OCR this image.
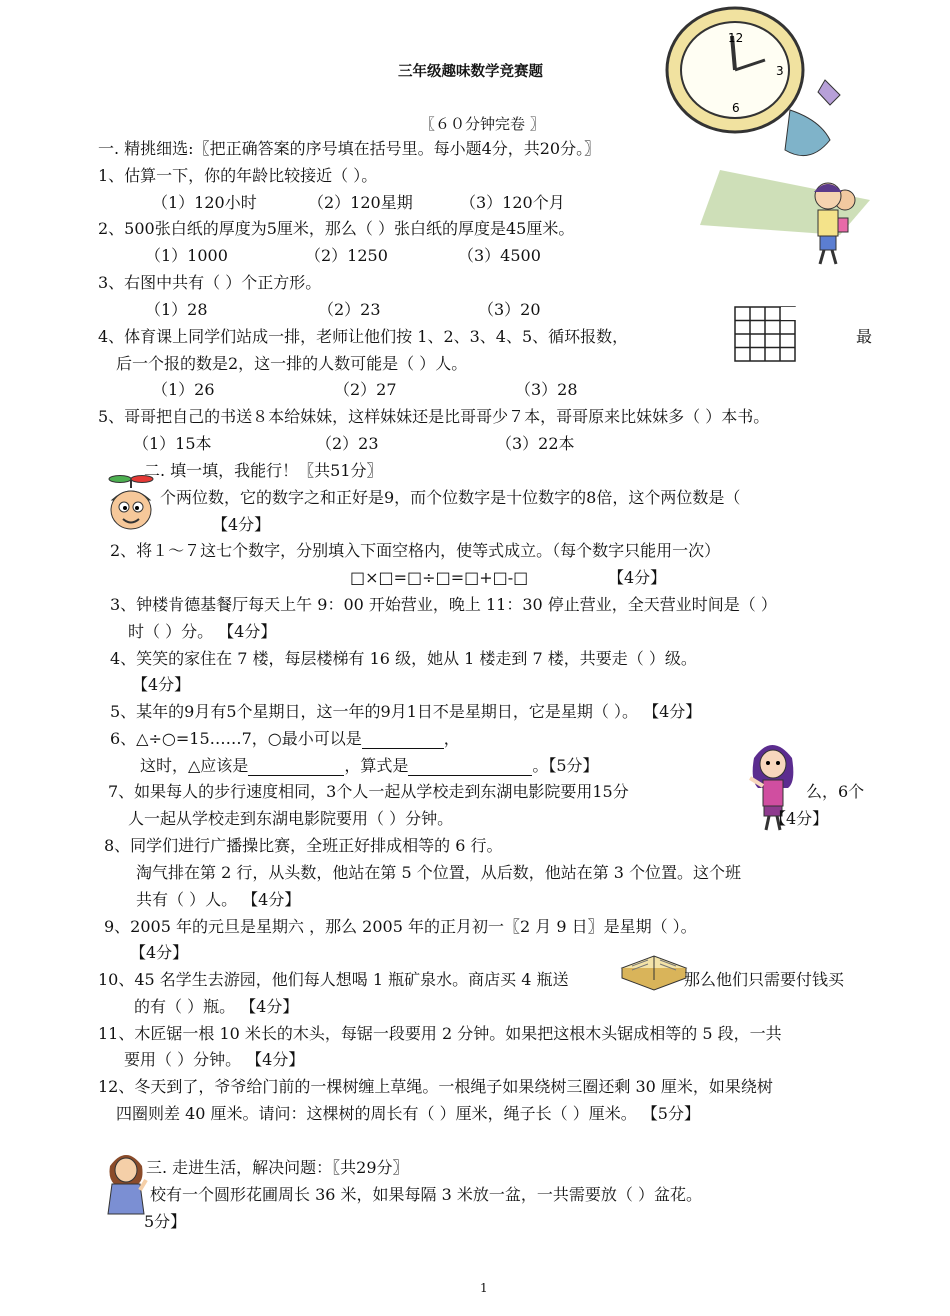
12
3
6
三年级趣味数学竞赛题
〖６０分钟完卷 〗
一. 精挑细选:〖把正确答案的序号填在括号里。每小题4分，共20分。〗
1、估算一下，你的年龄比较接近（ ）。
（1）120小时	（2）120星期	（3）120个月
2、500张白纸的厚度为5厘米，那么（ ）张白纸的厚度是45厘米。
（1）1000	（2）1250	（3）4500
3、右图中共有（ ）个正方形。
（1）28	（2）23	（3）20
4、体育课上同学们站成一排，老师让他们按 1、2、3、4、5、循环报数，	最
后一个报的数是2，这一排的人数可能是（ ）人。
（1）26	（2）27	（3）28
5、哥哥把自己的书送８本给妹妹，这样妹妹还是比哥哥少７本，哥哥原来比妹妹多（ ）本书。
（1）15本	（2）23	（3）22本
二. 填一填，我能行！〖共51分〗
个两位数，它的数字之和正好是9，而个位数字是十位数字的8倍，这个两位数是（
【4分】
2、将１～７这七个数字，分别填入下面空格内，使等式成立。（每个数字只能用一次）
□×□=□÷□=□+□-□	【4分】
3、钟楼肯德基餐厅每天上午 9：00 开始营业，晚上 11：30 停止营业，全天营业时间是（ ）
时（ ）分。 【4分】
4、笑笑的家住在 7 楼，每层楼梯有 16 级，她从 1 楼走到 7 楼，共要走（ ）级。
【4分】
5、某年的9月有5个星期日，这一年的9月1日不是星期日，它是星期（ ）。 【4分】
6、△÷○=15……7，○最小可以是	，
这时，△应该是	，算式是	。【5分】
7、如果每人的步行速度相同，3个人一起从学校走到东湖电影院要用15分	么，6个
人一起从学校走到东湖电影院要用（ ）分钟。	【4分】
8、同学们进行广播操比赛，全班正好排成相等的 6 行。
淘气排在第 2 行，从头数，他站在第 5 个位置，从后数，他站在第 3 个位置。这个班
共有（ ）人。 【4分】
9、2005 年的元旦是星期六 ，那么 2005 年的正月初一〖2 月 9 日〗是星期（ ）。
【4分】
10、45 名学生去游园，他们每人想喝 1 瓶矿泉水。商店买 4 瓶送	那么他们只需要付钱买
的有（ ）瓶。 【4分】
11、木匠锯一根 10 米长的木头，每锯一段要用 2 分钟。如果把这根木头锯成相等的 5 段，一共
要用（ ）分钟。 【4分】
12、冬天到了，爷爷给门前的一棵树缠上草绳。一根绳子如果绕树三圈还剩 30 厘米，如果绕树
四圈则差 40 厘米。请问：这棵树的周长有（ ）厘米，绳子长（ ）厘米。 【5分】
三. 走进生活，解决问题：〖共29分〗
校有一个圆形花圃周长 36 米，如果每隔 3 米放一盆，一共需要放（ ）盆花。
5分】
1
